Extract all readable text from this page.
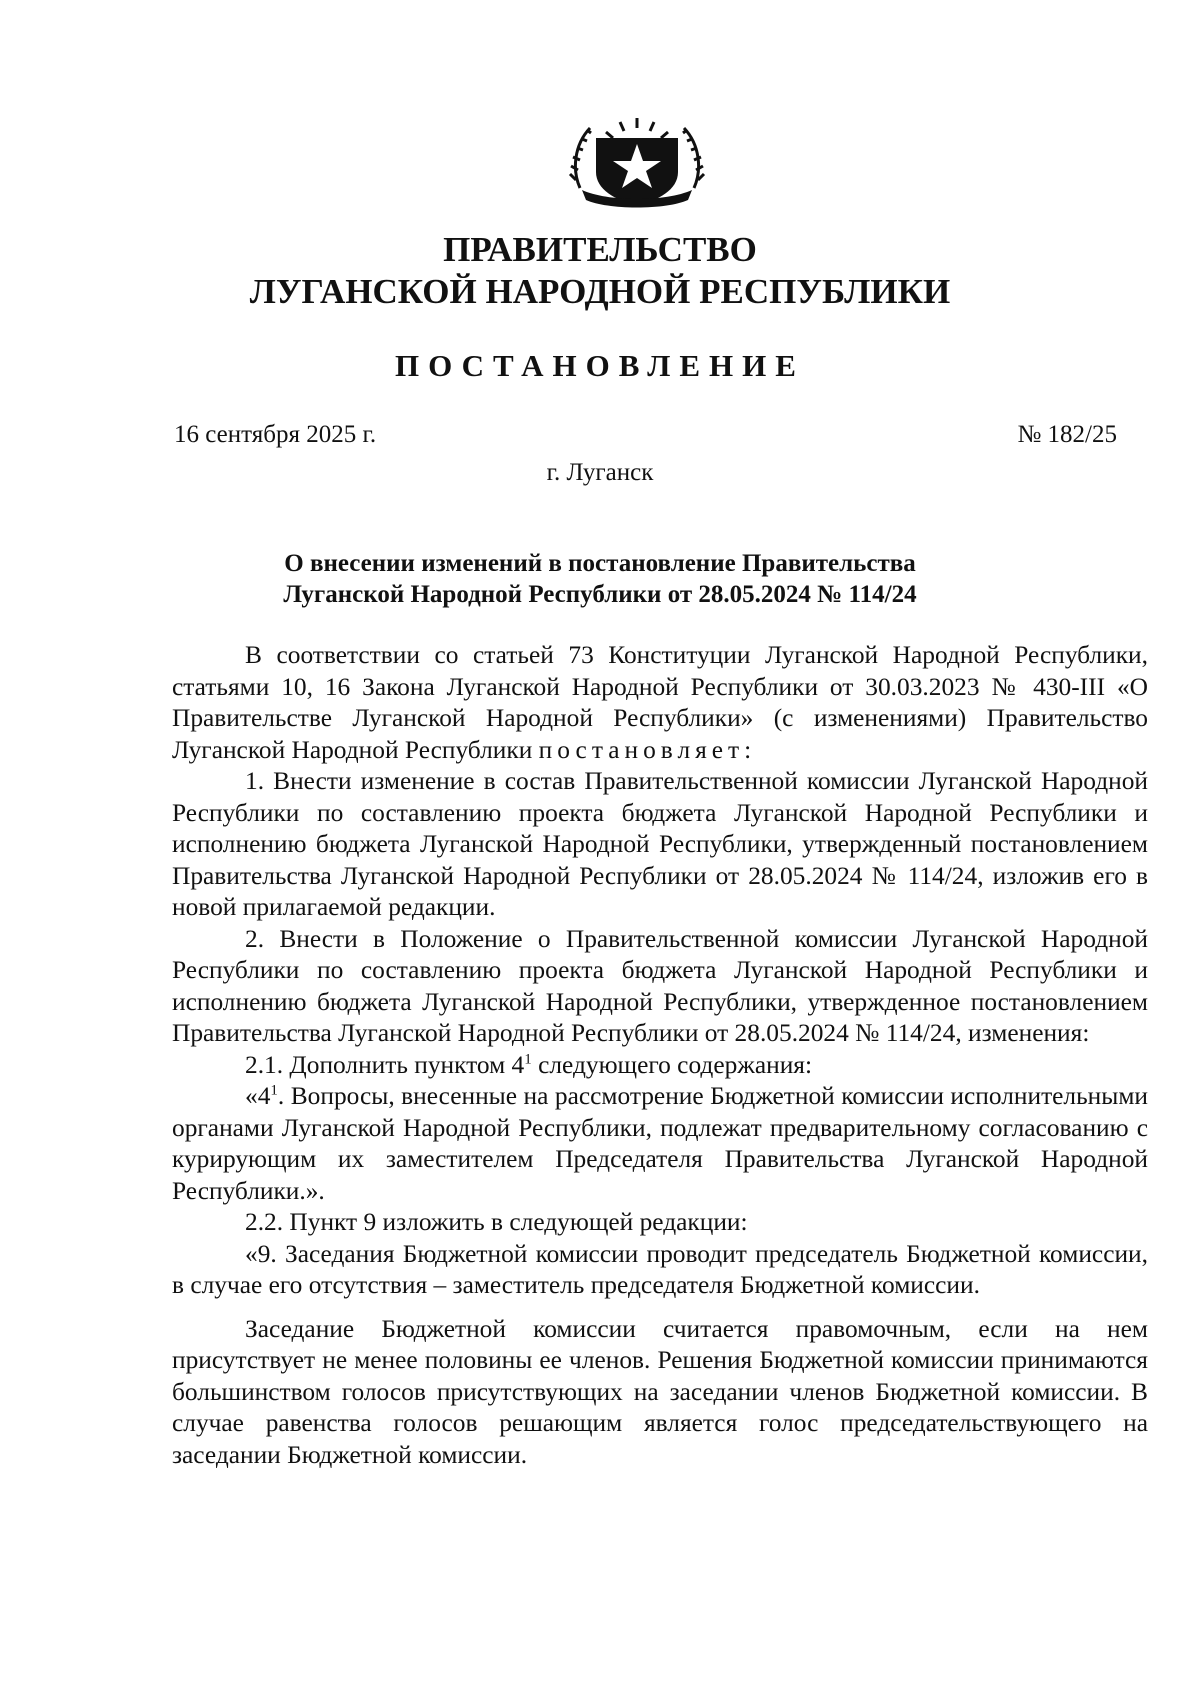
ПРАВИТЕЛЬСТВО
ЛУГАНСКОЙ НАРОДНОЙ РЕСПУБЛИКИ
ПОСТАНОВЛЕНИЕ
16 сентября 2025 г.	№ 182/25
г. Луганск
О внесении изменений в постановление Правительства
Луганской Народной Республики от 28.05.2024 № 114/24

В соответствии со статьей 73 Конституции Луганской Народной Республики, статьями 10, 16 Закона Луганской Народной Республики от 30.03.2023 № 430-III «О Правительстве Луганской Народной Республики» (с изменениями) Правительство Луганской Народной Республики постановляет:

1. Внести изменение в состав Правительственной комиссии Луганской Народной Республики по составлению проекта бюджета Луганской Народной Республики и исполнению бюджета Луганской Народной Республики, утвержденный постановлением Правительства Луганской Народной Республики от 28.05.2024 № 114/24, изложив его в новой прилагаемой редакции.

2. Внести в Положение о Правительственной комиссии Луганской Народной Республики по составлению проекта бюджета Луганской Народной Республики и исполнению бюджета Луганской Народной Республики, утвержденное постановлением Правительства Луганской Народной Республики от 28.05.2024 № 114/24, изменения:

2.1. Дополнить пунктом $4^1$ следующего содержания:

«$4^1$. Вопросы, внесенные на рассмотрение Бюджетной комиссии исполнительными органами Луганской Народной Республики, подлежат предварительному согласованию с курирующим их заместителем Председателя Правительства Луганской Народной Республики.».

2.2. Пункт 9 изложить в следующей редакции:

«9. Заседания Бюджетной комиссии проводит председатель Бюджетной комиссии, в случае его отсутствия – заместитель председателя Бюджетной комиссии.

Заседание Бюджетной комиссии считается правомочным, если на нем присутствует не менее половины ее членов. Решения Бюджетной комиссии принимаются большинством голосов присутствующих на заседании членов Бюджетной комиссии. В случае равенства голосов решающим является голос председательствующего на заседании Бюджетной комиссии.
